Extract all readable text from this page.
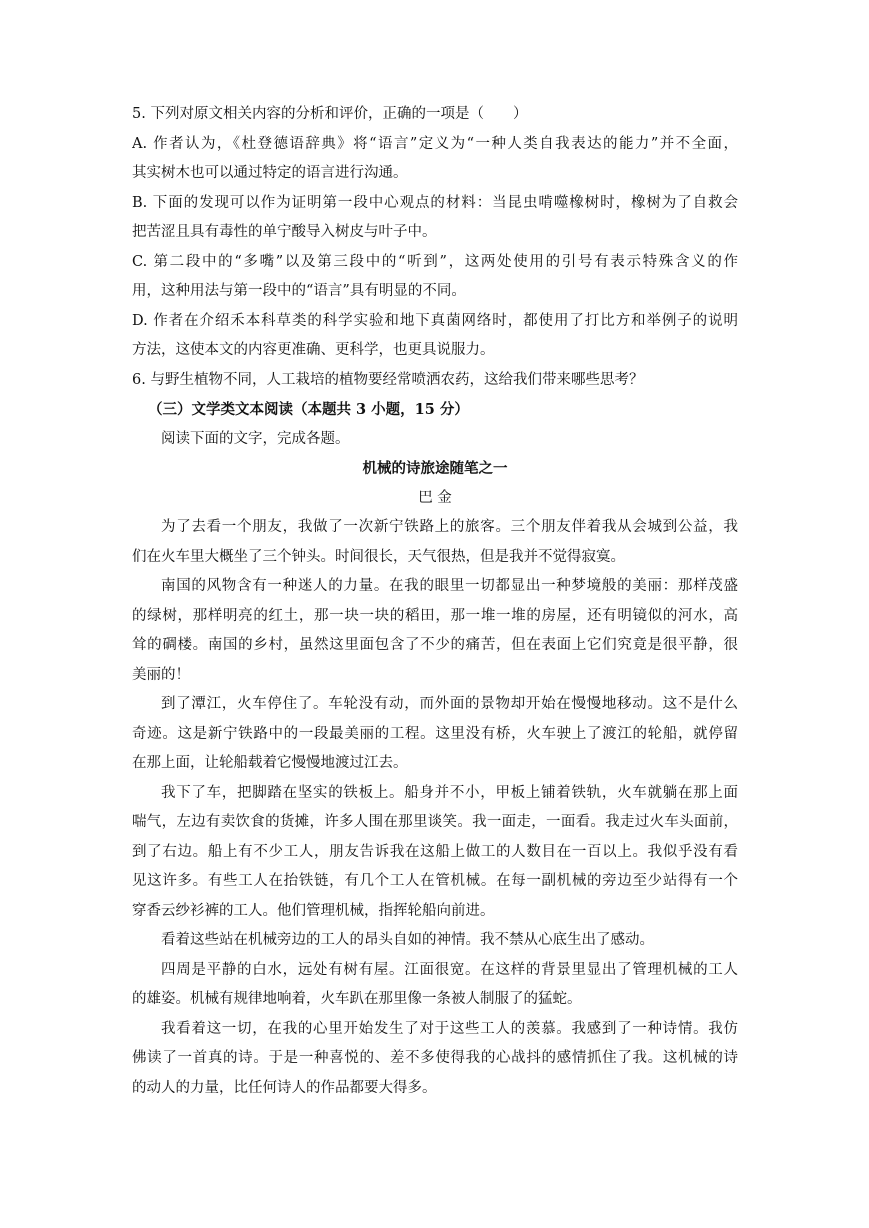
5. 下列对原文相关内容的分析和评价，正确的一项是（　　）
A. 作者认为，《杜登德语辞典》将“语言”定义为“一种人类自我表达的能力”并不全面，
其实树木也可以通过特定的语言进行沟通。
B. 下面的发现可以作为证明第一段中心观点的材料：当昆虫啃噬橡树时，橡树为了自救会
把苦涩且具有毒性的单宁酸导入树皮与叶子中。
C. 第二段中的“多嘴”以及第三段中的“听到”，这两处使用的引号有表示特殊含义的作
用，这种用法与第一段中的“语言”具有明显的不同。
D. 作者在介绍禾本科草类的科学实验和地下真菌网络时，都使用了打比方和举例子的说明
方法，这使本文的内容更准确、更科学，也更具说服力。
6. 与野生植物不同，人工栽培的植物要经常喷洒农药，这给我们带来哪些思考？
（三）文学类文本阅读（本题共 3 小题，15 分）
阅读下面的文字，完成各题。
机械的诗旅途随笔之一
巴 金
为了去看一个朋友，我做了一次新宁铁路上的旅客。三个朋友伴着我从会城到公益，我
们在火车里大概坐了三个钟头。时间很长，天气很热，但是我并不觉得寂寞。
南国的风物含有一种迷人的力量。在我的眼里一切都显出一种梦境般的美丽：那样茂盛
的绿树，那样明亮的红土，那一块一块的稻田，那一堆一堆的房屋，还有明镜似的河水，高
耸的碉楼。南国的乡村，虽然这里面包含了不少的痛苦，但在表面上它们究竟是很平静，很
美丽的！
到了潭江，火车停住了。车轮没有动，而外面的景物却开始在慢慢地移动。这不是什么
奇迹。这是新宁铁路中的一段最美丽的工程。这里没有桥，火车驶上了渡江的轮船，就停留
在那上面，让轮船载着它慢慢地渡过江去。
我下了车，把脚踏在坚实的铁板上。船身并不小，甲板上铺着铁轨，火车就躺在那上面
喘气，左边有卖饮食的货摊，许多人围在那里谈笑。我一面走，一面看。我走过火车头面前，
到了右边。船上有不少工人，朋友告诉我在这船上做工的人数目在一百以上。我似乎没有看
见这许多。有些工人在抬铁链，有几个工人在管机械。在每一副机械的旁边至少站得有一个
穿香云纱衫裤的工人。他们管理机械，指挥轮船向前进。
看着这些站在机械旁边的工人的昂头自如的神情。我不禁从心底生出了感动。
四周是平静的白水，远处有树有屋。江面很宽。在这样的背景里显出了管理机械的工人
的雄姿。机械有规律地响着，火车趴在那里像一条被人制服了的猛蛇。
我看着这一切，在我的心里开始发生了对于这些工人的羡慕。我感到了一种诗情。我仿
佛读了一首真的诗。于是一种喜悦的、差不多使得我的心战抖的感情抓住了我。这机械的诗
的动人的力量，比任何诗人的作品都要大得多。
